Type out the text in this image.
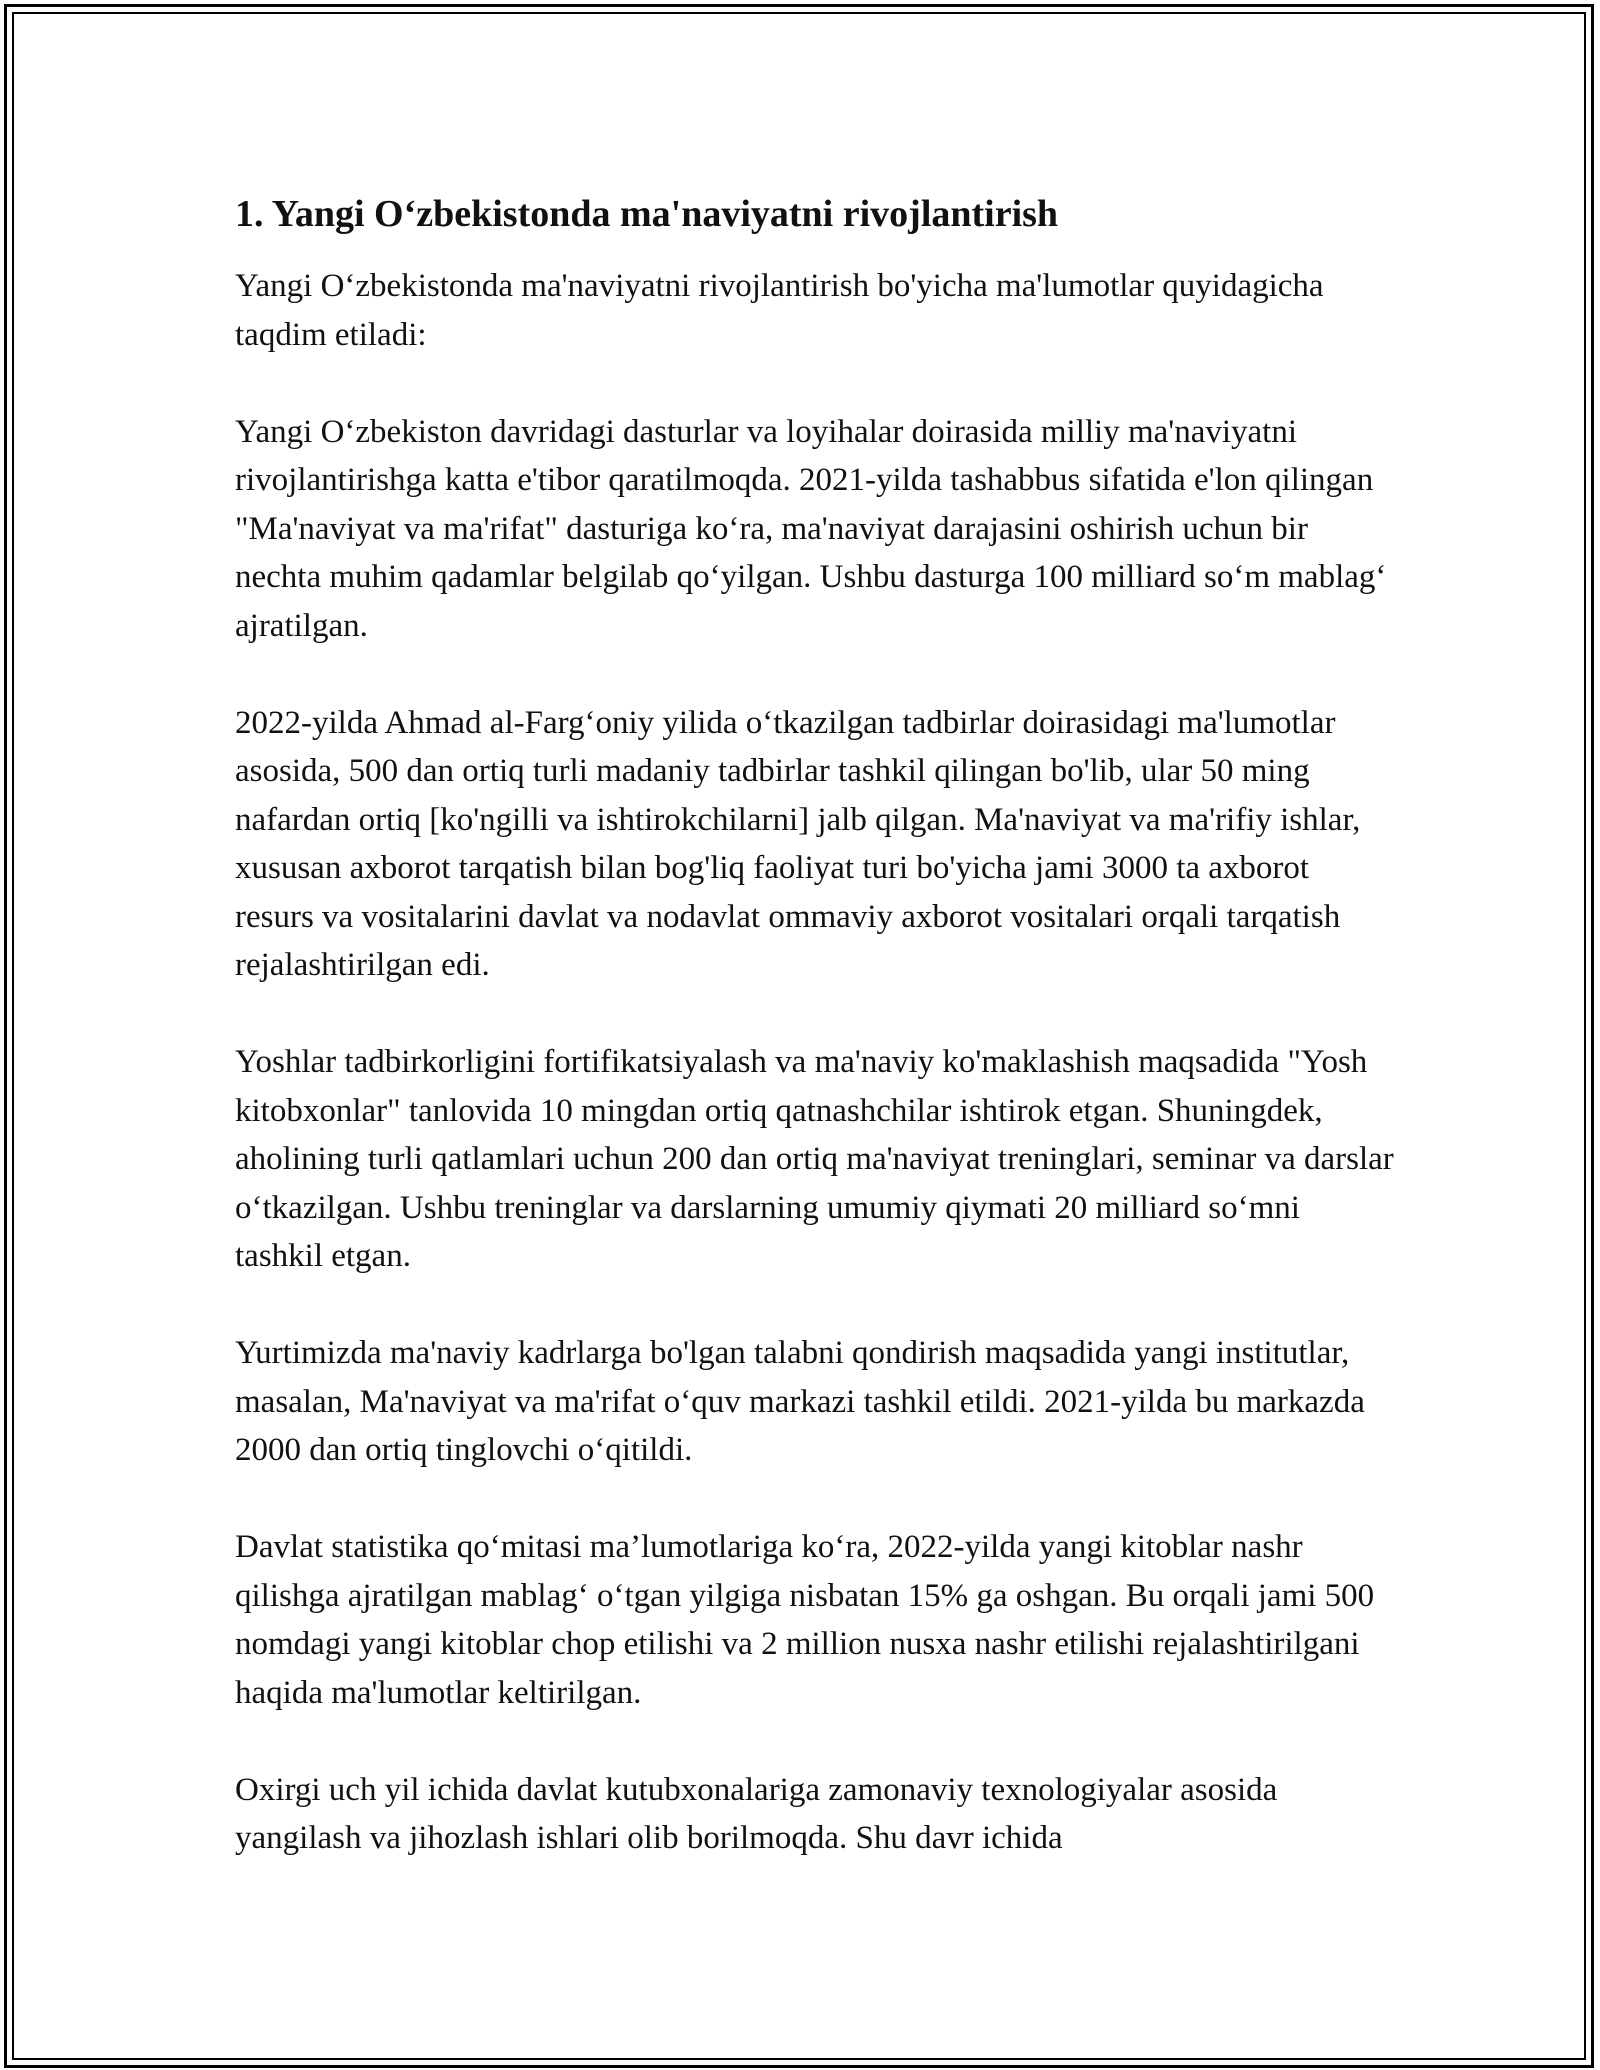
1. Yangi O‘zbekistonda ma'naviyatni rivojlantirish

Yangi O‘zbekistonda ma'naviyatni rivojlantirish bo'yicha ma'lumotlar quyidagicha taqdim etiladi:

Yangi O‘zbekiston davridagi dasturlar va loyihalar doirasida milliy ma'naviyatni rivojlantirishga katta e'tibor qaratilmoqda. 2021-yilda tashabbus sifatida e'lon qilingan "Ma'naviyat va ma'rifat" dasturiga ko‘ra, ma'naviyat darajasini oshirish uchun bir nechta muhim qadamlar belgilab qo‘yilgan. Ushbu dasturga 100 milliard so‘m mablag‘ ajratilgan.

2022-yilda Ahmad al-Farg‘oniy yilida o‘tkazilgan tadbirlar doirasidagi ma'lumotlar asosida, 500 dan ortiq turli madaniy tadbirlar tashkil qilingan bo'lib, ular 50 ming nafardan ortiq [ko'ngilli va ishtirokchilarni] jalb qilgan. Ma'naviyat va ma'rifiy ishlar, xususan axborot tarqatish bilan bog'liq faoliyat turi bo'yicha jami 3000 ta axborot resurs va vositalarini davlat va nodavlat ommaviy axborot vositalari orqali tarqatish rejalashtirilgan edi.

Yoshlar tadbirkorligini fortifikatsiyalash va ma'naviy ko'maklashish maqsadida "Yosh kitobxonlar" tanlovida 10 mingdan ortiq qatnashchilar ishtirok etgan. Shuningdek, aholining turli qatlamlari uchun 200 dan ortiq ma'naviyat treninglari, seminar va darslar o‘tkazilgan. Ushbu treninglar va darslarning umumiy qiymati 20 milliard so‘mni tashkil etgan.

Yurtimizda ma'naviy kadrlarga bo'lgan talabni qondirish maqsadida yangi institutlar, masalan, Ma'naviyat va ma'rifat o‘quv markazi tashkil etildi. 2021-yilda bu markazda 2000 dan ortiq tinglovchi o‘qitildi.

Davlat statistika qo‘mitasi ma’lumotlariga ko‘ra, 2022-yilda yangi kitoblar nashr qilishga ajratilgan mablag‘ o‘tgan yilgiga nisbatan 15% ga oshgan. Bu orqali jami 500 nomdagi yangi kitoblar chop etilishi va 2 million nusxa nashr etilishi rejalashtirilgani haqida ma'lumotlar keltirilgan.

Oxirgi uch yil ichida davlat kutubxonalariga zamonaviy texnologiyalar asosida yangilash va jihozlash ishlari olib borilmoqda. Shu davr ichida
